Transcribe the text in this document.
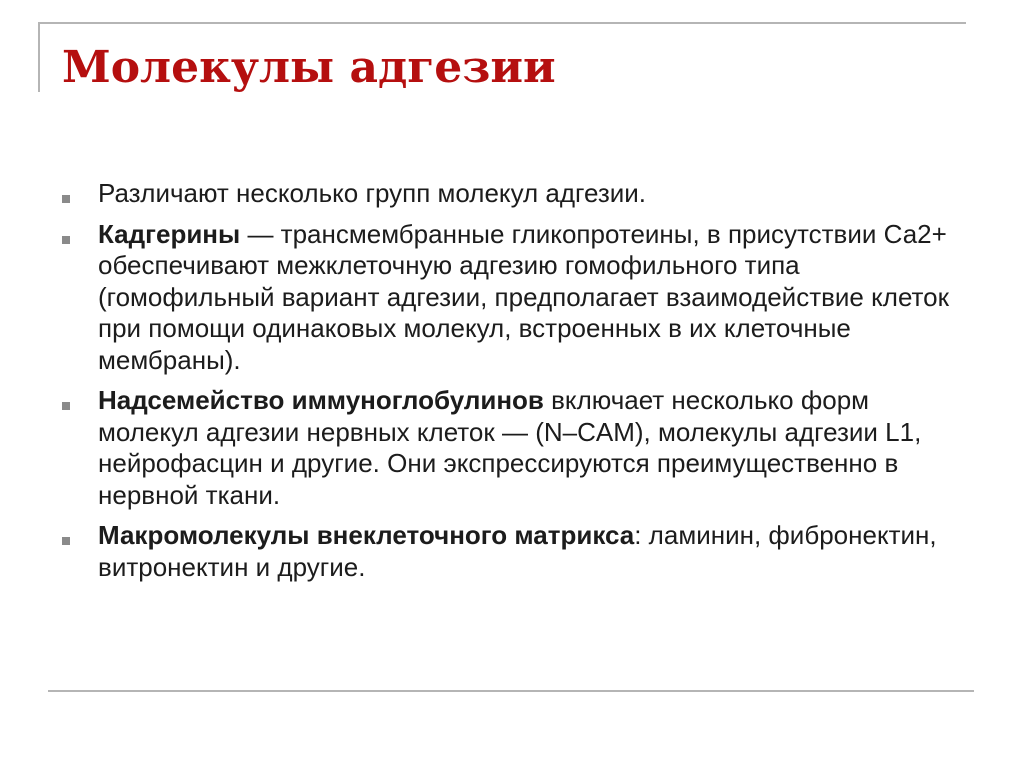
Молекулы адгезии

Различают несколько групп молекул адгезии.

Кадгерины — трансмембранные гликопротеины, в присутствии Са2+ обеспечивают межклеточную адгезию гомофильного типа (гомофильный вариант адгезии, предполагает взаимодействие клеток при помощи одинаковых молекул, встроенных в их клеточные мембраны).

Надсемейство иммуноглобулинов включает несколько форм молекул адгезии нервных клеток — (N–CAM), молекулы адгезии L1, нейрофасцин и другие. Они экспрессируются преимущественно в нервной ткани.

Макромолекулы внеклеточного матрикса: ламинин, фибронектин, витронектин и другие.
